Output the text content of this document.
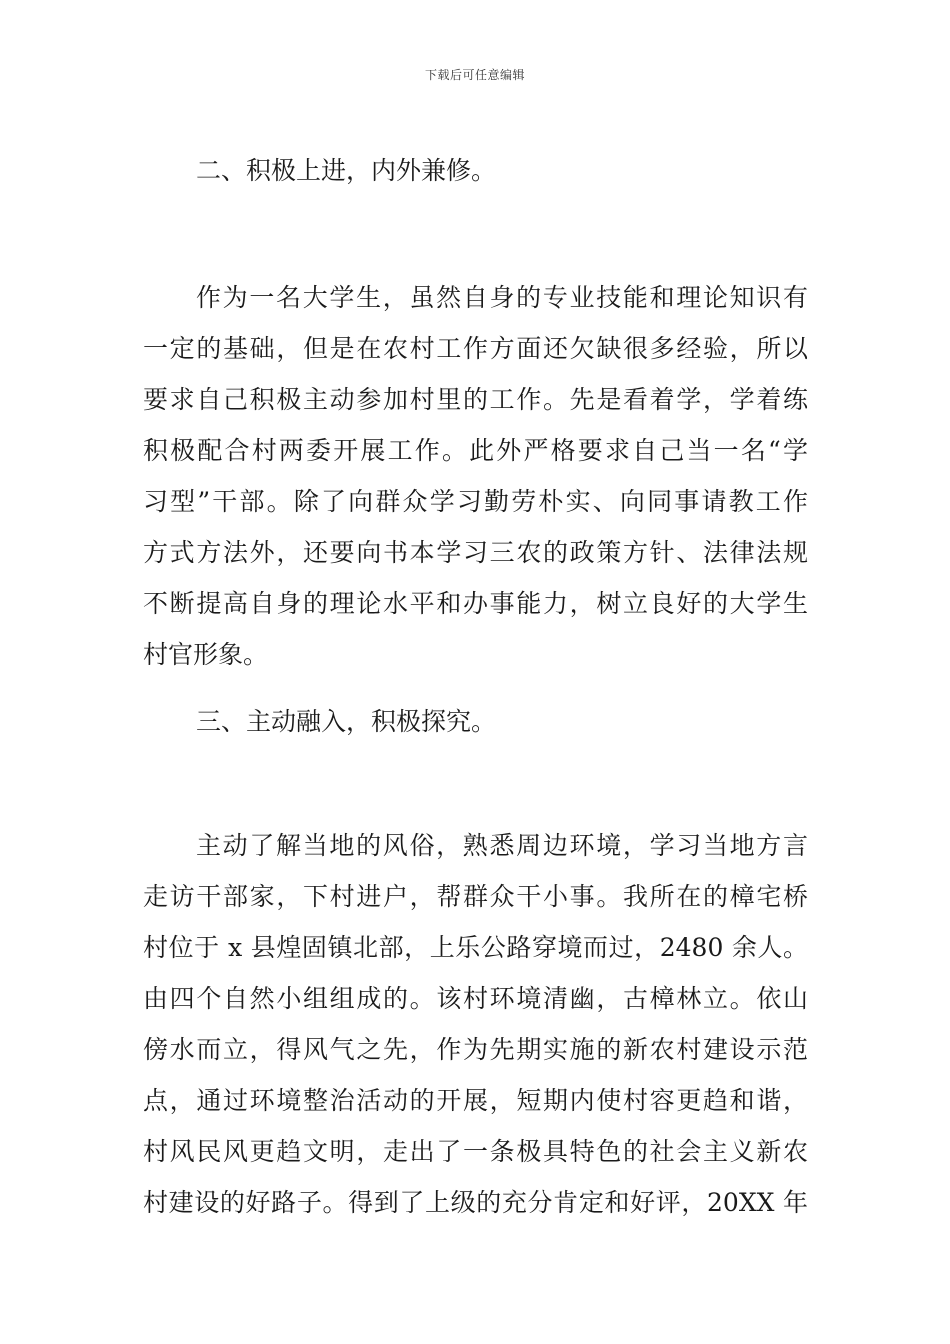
下载后可任意编辑
二、积极上进，内外兼修。
作为一名大学生，虽然自身的专业技能和理论知识有
一定的基础，但是在农村工作方面还欠缺很多经验，所以
要求自己积极主动参加村里的工作。先是看着学，学着练
积极配合村两委开展工作。此外严格要求自己当一名“学
习型”干部。除了向群众学习勤劳朴实、向同事请教工作
方式方法外，还要向书本学习三农的政策方针、法律法规
不断提高自身的理论水平和办事能力，树立良好的大学生
村官形象。
三、主动融入，积极探究。
主动了解当地的风俗，熟悉周边环境，学习当地方言
走访干部家，下村进户，帮群众干小事。我所在的樟宅桥
村位于 x 县煌固镇北部，上乐公路穿境而过，2480 余人。
由四个自然小组组成的。该村环境清幽，古樟林立。依山
傍水而立，得风气之先，作为先期实施的新农村建设示范
点，通过环境整治活动的开展，短期内使村容更趋和谐，
村风民风更趋文明，走出了一条极具特色的社会主义新农
村建设的好路子。得到了上级的充分肯定和好评，20XX 年
